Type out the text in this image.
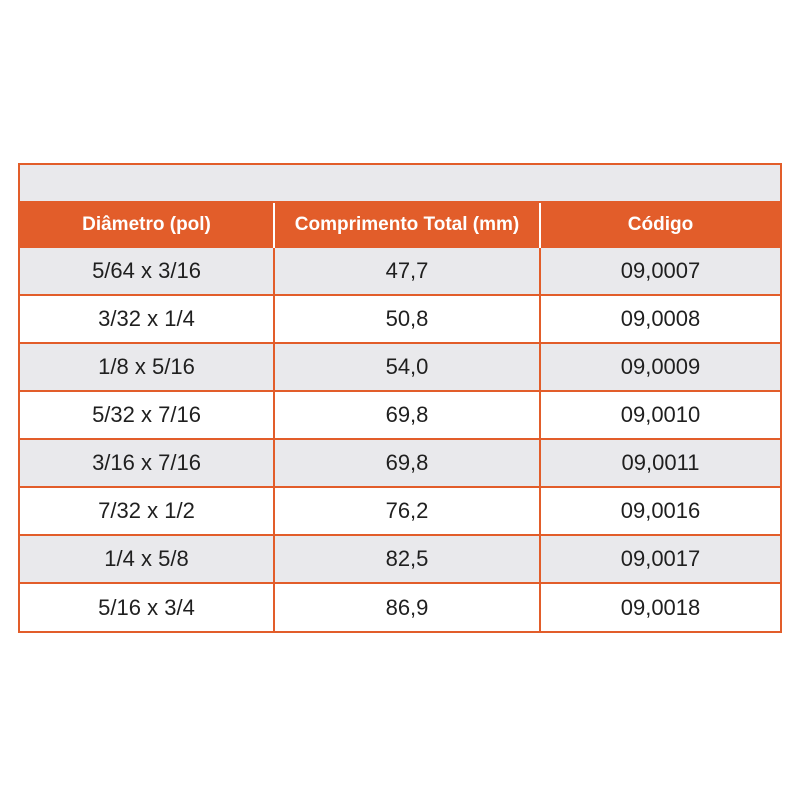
Diâmetro (pol)	Comprimento Total (mm)	Código
5/64 x 3/16	47,7	09,0007
3/32 x 1/4	50,8	09,0008
1/8 x 5/16	54,0	09,0009
5/32 x 7/16	69,8	09,0010
3/16 x 7/16	69,8	09,0011
7/32 x 1/2	76,2	09,0016
1/4 x 5/8	82,5	09,0017
5/16 x 3/4	86,9	09,0018
